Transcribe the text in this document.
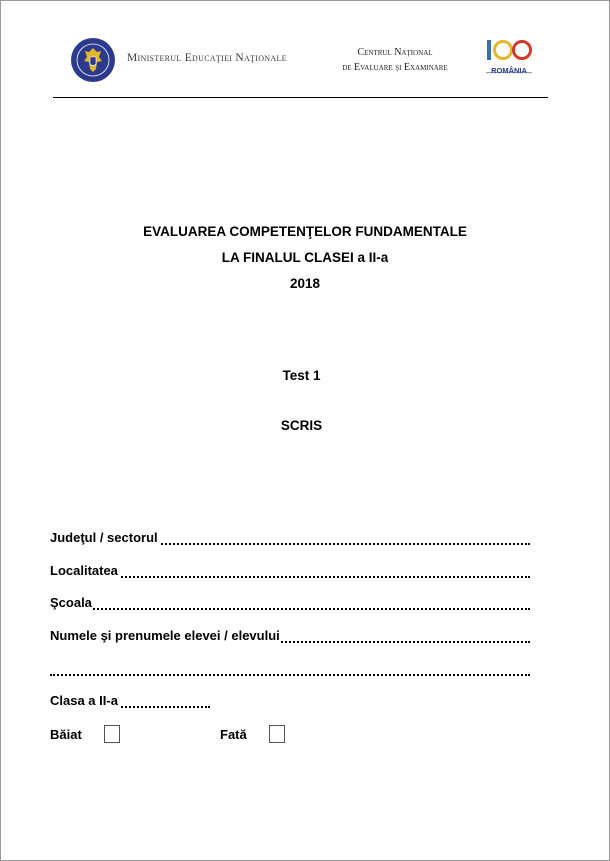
Ministerul Educaţiei Naţionale	Centrul Naţional
de Evaluare şi Examinare	ROMÂNIA
EVALUAREA COMPETENŢELOR FUNDAMENTALE
LA FINALUL CLASEI a II-a
2018
Test 1
SCRIS
Judeţul / sectorul
Localitatea
Şcoala
Numele şi prenumele elevei / elevului
Clasa a II-a
Băiat	Fată
